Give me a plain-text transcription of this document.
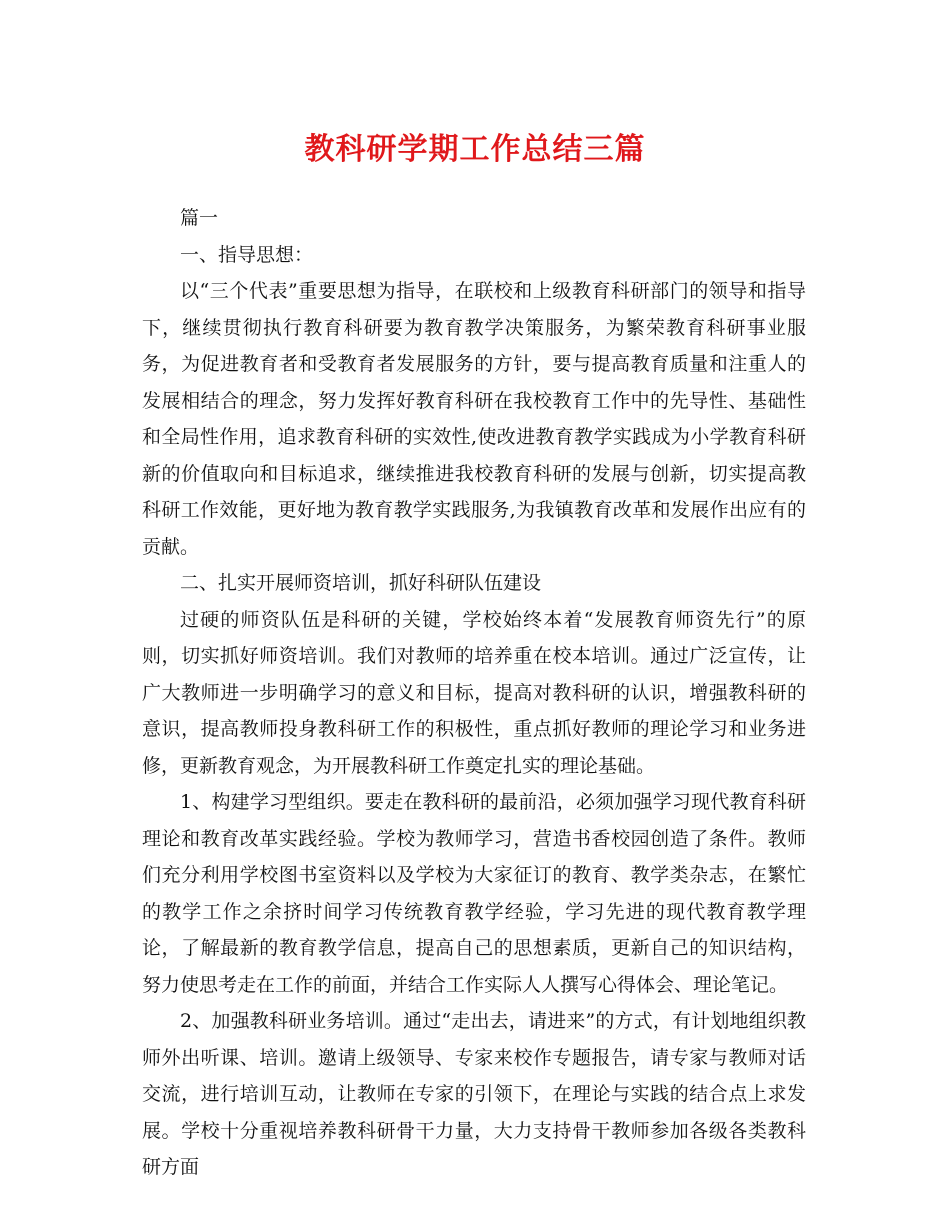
教科研学期工作总结三篇

篇一

一、指导思想：

以“三个代表”重要思想为指导，在联校和上级教育科研部门的领导和指导下，继续贯彻执行教育科研要为教育教学决策服务，为繁荣教育科研事业服务，为促进教育者和受教育者发展服务的方针，要与提高教育质量和注重人的发展相结合的理念，努力发挥好教育科研在我校教育工作中的先导性、基础性和全局性作用，追求教育科研的实效性,使改进教育教学实践成为小学教育科研新的价值取向和目标追求，继续推进我校教育科研的发展与创新，切实提高教科研工作效能，更好地为教育教学实践服务,为我镇教育改革和发展作出应有的贡献。

二、扎实开展师资培训，抓好科研队伍建设

过硬的师资队伍是科研的关键，学校始终本着“发展教育师资先行”的原则，切实抓好师资培训。我们对教师的培养重在校本培训。通过广泛宣传，让广大教师进一步明确学习的意义和目标，提高对教科研的认识，增强教科研的意识，提高教师投身教科研工作的积极性，重点抓好教师的理论学习和业务进修，更新教育观念，为开展教科研工作奠定扎实的理论基础。

1、构建学习型组织。要走在教科研的最前沿，必须加强学习现代教育科研理论和教育改革实践经验。学校为教师学习，营造书香校园创造了条件。教师们充分利用学校图书室资料以及学校为大家征订的教育、教学类杂志，在繁忙的教学工作之余挤时间学习传统教育教学经验，学习先进的现代教育教学理论，了解最新的教育教学信息，提高自己的思想素质，更新自己的知识结构，努力使思考走在工作的前面，并结合工作实际人人撰写心得体会、理论笔记。

2、加强教科研业务培训。通过“走出去，请进来”的方式，有计划地组织教师外出听课、培训。邀请上级领导、专家来校作专题报告，请专家与教师对话交流，进行培训互动，让教师在专家的引领下，在理论与实践的结合点上求发展。学校十分重视培养教科研骨干力量，大力支持骨干教师参加各级各类教科研方面
